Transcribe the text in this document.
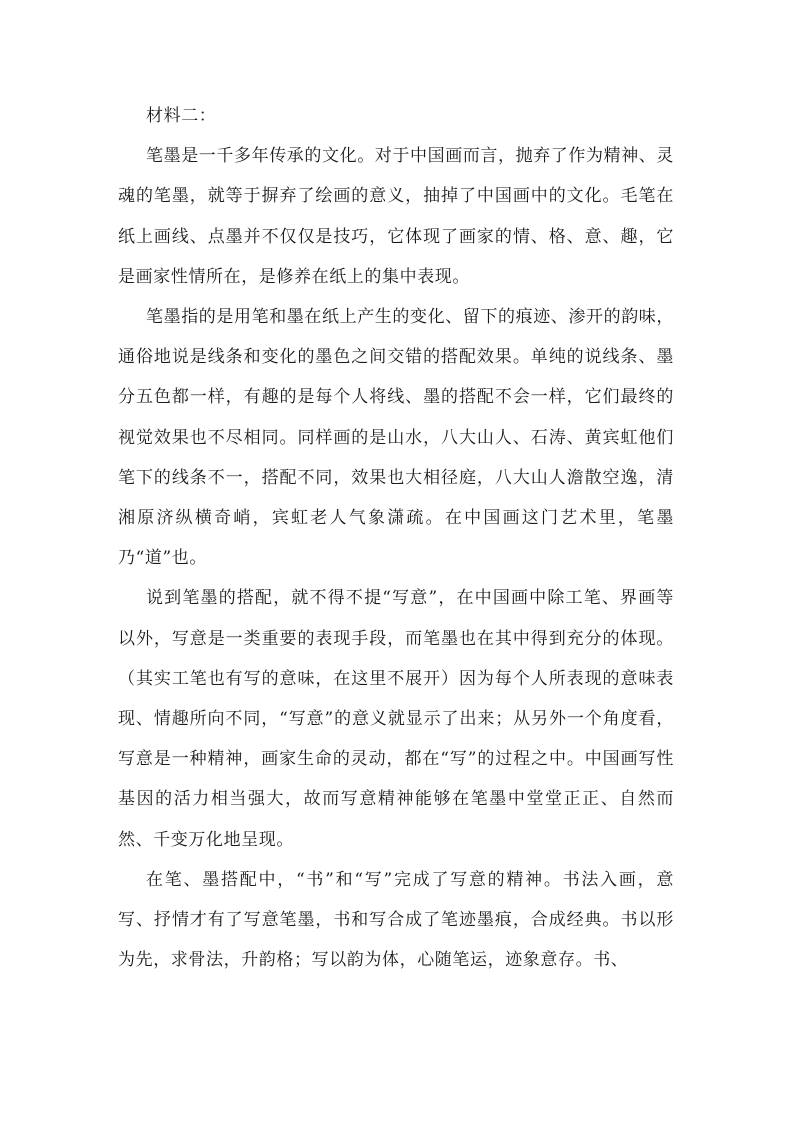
材料二：

笔墨是一千多年传承的文化。对于中国画而言，抛弃了作为精神、灵魂的笔墨，就等于摒弃了绘画的意义，抽掉了中国画中的文化。毛笔在纸上画线、点墨并不仅仅是技巧，它体现了画家的情、格、意、趣，它是画家性情所在，是修养在纸上的集中表现。

笔墨指的是用笔和墨在纸上产生的变化、留下的痕迹、渗开的韵味，通俗地说是线条和变化的墨色之间交错的搭配效果。单纯的说线条、墨分五色都一样，有趣的是每个人将线、墨的搭配不会一样，它们最终的视觉效果也不尽相同。同样画的是山水，八大山人、石涛、黄宾虹他们笔下的线条不一，搭配不同，效果也大相径庭，八大山人澹散空逸，清湘原济纵横奇峭，宾虹老人气象潇疏。在中国画这门艺术里，笔墨乃“道”也。

说到笔墨的搭配，就不得不提“写意”，在中国画中除工笔、界画等以外，写意是一类重要的表现手段，而笔墨也在其中得到充分的体现。（其实工笔也有写的意味，在这里不展开）因为每个人所表现的意味表现、情趣所向不同，“写意”的意义就显示了出来；从另外一个角度看，写意是一种精神，画家生命的灵动，都在“写”的过程之中。中国画写性基因的活力相当强大，故而写意精神能够在笔墨中堂堂正正、自然而然、千变万化地呈现。

在笔、墨搭配中，“书”和“写”完成了写意的精神。书法入画，意写、抒情才有了写意笔墨，书和写合成了笔迹墨痕，合成经典。书以形为先，求骨法，升韵格；写以韵为体，心随笔运，迹象意存。书、
